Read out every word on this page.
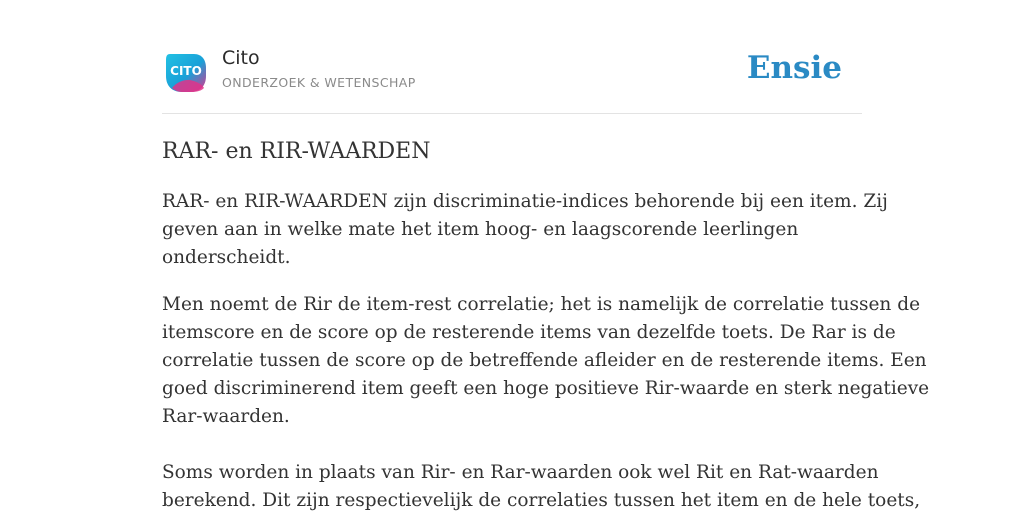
CITO
Cito
ONDERZOEK & WETENSCHAP	Ensie
RAR- en RIR-WAARDEN

RAR- en RIR-WAARDEN zijn discriminatie-indices behorende bij een item. Zij
geven aan in welke mate het item hoog- en laagscorende leerlingen
onderscheidt.

Men noemt de Rir de item-rest correlatie; het is namelijk de correlatie tussen de
itemscore en de score op de resterende items van dezelfde toets. De Rar is de
correlatie tussen de score op de betreffende afleider en de resterende items. Een
goed discriminerend item geeft een hoge positieve Rir-waarde en sterk negatieve
Rar-waarden.

Soms worden in plaats van Rir- en Rar-waarden ook wel Rit en Rat-waarden
berekend. Dit zijn respectievelijk de correlaties tussen het item en de hele toets,
